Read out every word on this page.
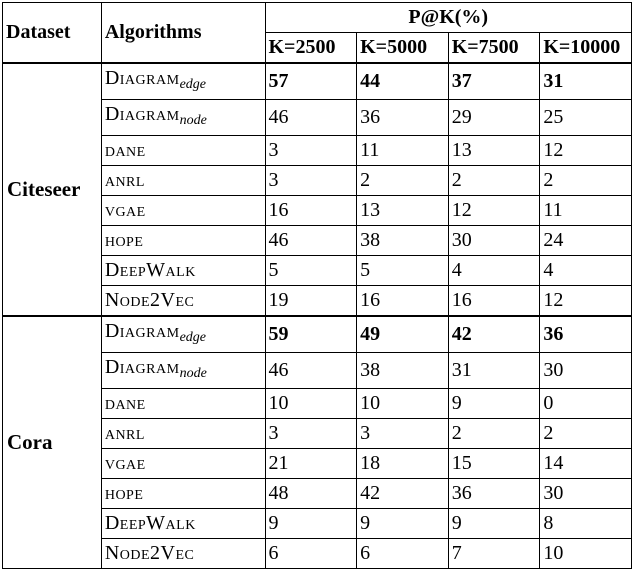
Dataset	Algorithms	P@K(%)			
		K=2500	K=5000	K=7500	K=10000
Citeseer	Diagram$_{edge}$	57	44	37	31
	Diagram$_{node}$	46	36	29	25
	dane	3	11	13	12
	anrl	3	2	2	2
	vgae	16	13	12	11
	hope	46	38	30	24
	DeepWalk	5	5	4	4
	Node2Vec	19	16	16	12
Cora	Diagram$_{edge}$	59	49	42	36
	Diagram$_{node}$	46	38	31	30
	dane	10	10	9	0
	anrl	3	3	2	2
	vgae	21	18	15	14
	hope	48	42	36	30
	DeepWalk	9	9	9	8
	Node2Vec	6	6	7	10
